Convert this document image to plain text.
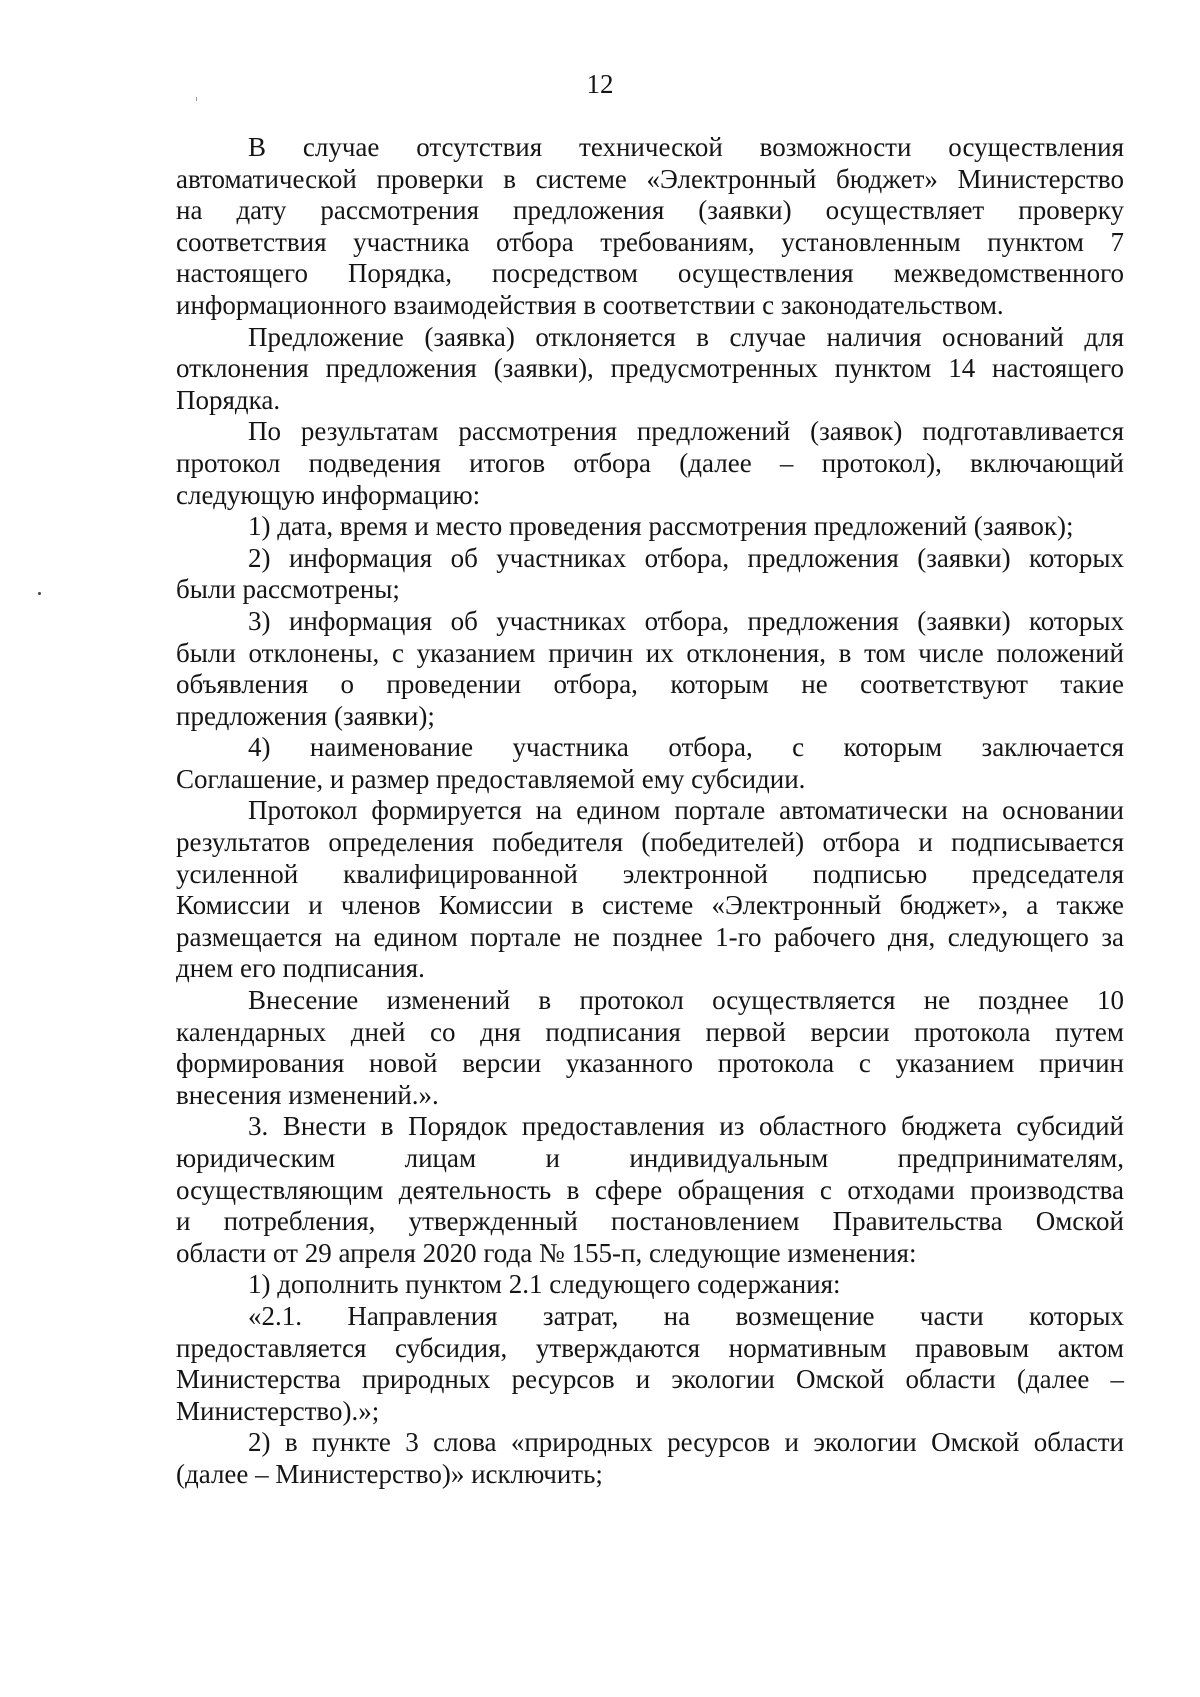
12
В случае отсутствия технической возможности осуществления
автоматической проверки в системе «Электронный бюджет» Министерство
на дату рассмотрения предложения (заявки) осуществляет проверку
соответствия участника отбора требованиям, установленным пунктом 7
настоящего Порядка, посредством осуществления межведомственного
информационного взаимодействия в соответствии с законодательством.
Предложение (заявка) отклоняется в случае наличия оснований для
отклонения предложения (заявки), предусмотренных пунктом 14 настоящего
Порядка.
По результатам рассмотрения предложений (заявок) подготавливается
протокол подведения итогов отбора (далее – протокол), включающий
следующую информацию:
1) дата, время и место проведения рассмотрения предложений (заявок);
2) информация об участниках отбора, предложения (заявки) которых
были рассмотрены;
3) информация об участниках отбора, предложения (заявки) которых
были отклонены, с указанием причин их отклонения, в том числе положений
объявления о проведении отбора, которым не соответствуют такие
предложения (заявки);
4) наименование участника отбора, с которым заключается
Соглашение, и размер предоставляемой ему субсидии.
Протокол формируется на едином портале автоматически на основании
результатов определения победителя (победителей) отбора и подписывается
усиленной квалифицированной электронной подписью председателя
Комиссии и членов Комиссии в системе «Электронный бюджет», а также
размещается на едином портале не позднее 1-го рабочего дня, следующего за
днем его подписания.
Внесение изменений в протокол осуществляется не позднее 10
календарных дней со дня подписания первой версии протокола путем
формирования новой версии указанного протокола с указанием причин
внесения изменений.».
3. Внести в Порядок предоставления из областного бюджета субсидий
юридическим лицам и индивидуальным предпринимателям,
осуществляющим деятельность в сфере обращения с отходами производства
и потребления, утвержденный постановлением Правительства Омской
области от 29 апреля 2020 года № 155-п, следующие изменения:
1) дополнить пунктом 2.1 следующего содержания:
«2.1. Направления затрат, на возмещение части которых
предоставляется субсидия, утверждаются нормативным правовым актом
Министерства природных ресурсов и экологии Омской области (далее –
Министерство).»;
2) в пункте 3 слова «природных ресурсов и экологии Омской области
(далее – Министерство)» исключить;
